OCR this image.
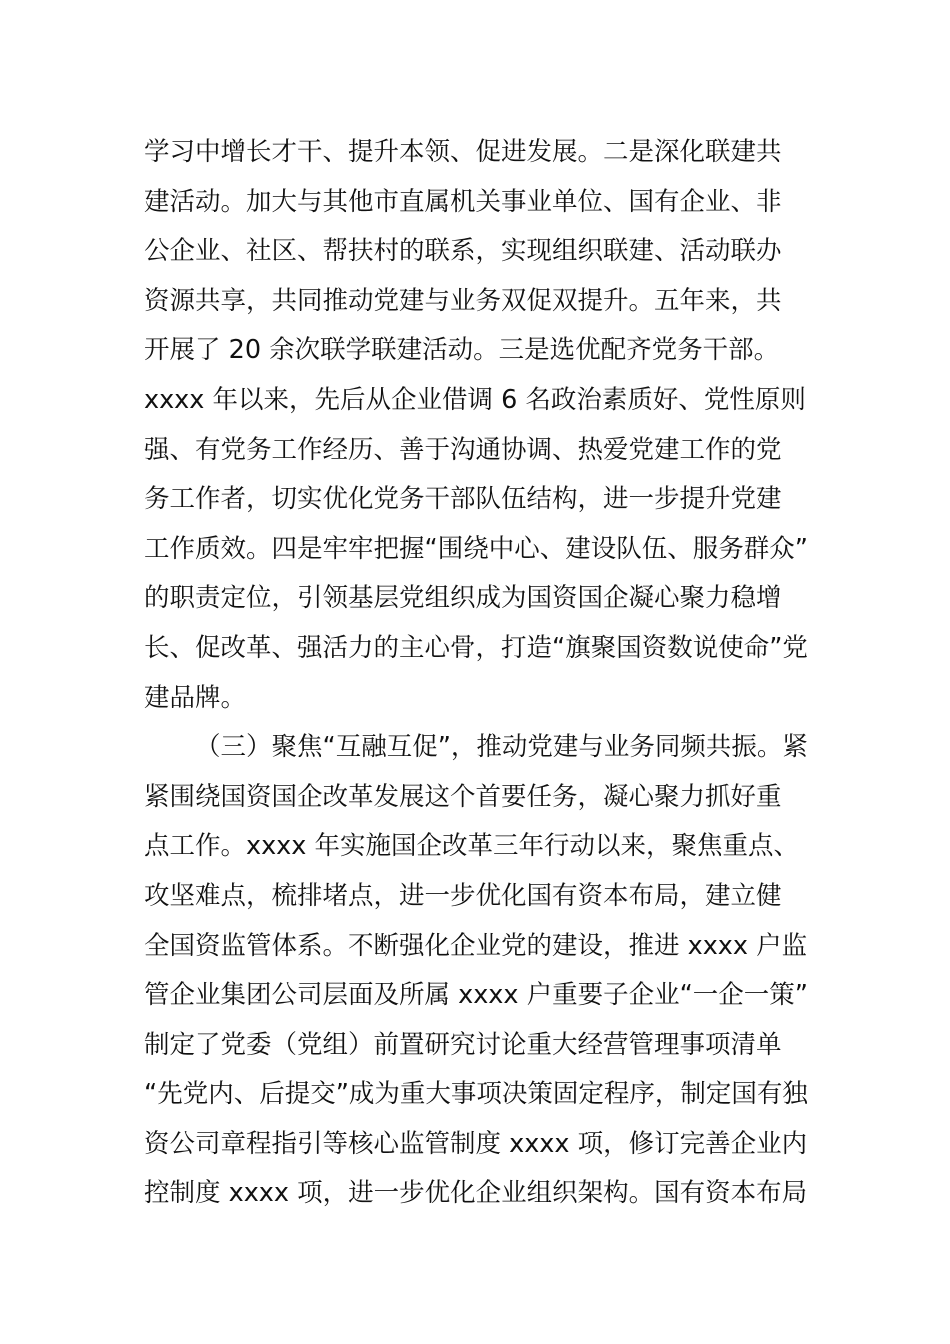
学习中增长才干、提升本领、促进发展。二是深化联建共
建活动。加大与其他市直属机关事业单位、国有企业、非
公企业、社区、帮扶村的联系，实现组织联建、活动联办
资源共享，共同推动党建与业务双促双提升。五年来，共
开展了 20 余次联学联建活动。三是选优配齐党务干部。
xxxx 年以来，先后从企业借调 6 名政治素质好、党性原则
强、有党务工作经历、善于沟通协调、热爱党建工作的党
务工作者，切实优化党务干部队伍结构，进一步提升党建
工作质效。四是牢牢把握“围绕中心、建设队伍、服务群众”
的职责定位，引领基层党组织成为国资国企凝心聚力稳增
长、促改革、强活力的主心骨，打造“旗聚国资数说使命”党
建品牌。
（三）聚焦“互融互促”，推动党建与业务同频共振。紧
紧围绕国资国企改革发展这个首要任务，凝心聚力抓好重
点工作。xxxx 年实施国企改革三年行动以来，聚焦重点、
攻坚难点，梳排堵点，进一步优化国有资本布局，建立健
全国资监管体系。不断强化企业党的建设，推进 xxxx 户监
管企业集团公司层面及所属 xxxx 户重要子企业“一企一策”
制定了党委（党组）前置研究讨论重大经营管理事项清单
“先党内、后提交”成为重大事项决策固定程序，制定国有独
资公司章程指引等核心监管制度 xxxx 项，修订完善企业内
控制度 xxxx 项，进一步优化企业组织架构。国有资本布局
